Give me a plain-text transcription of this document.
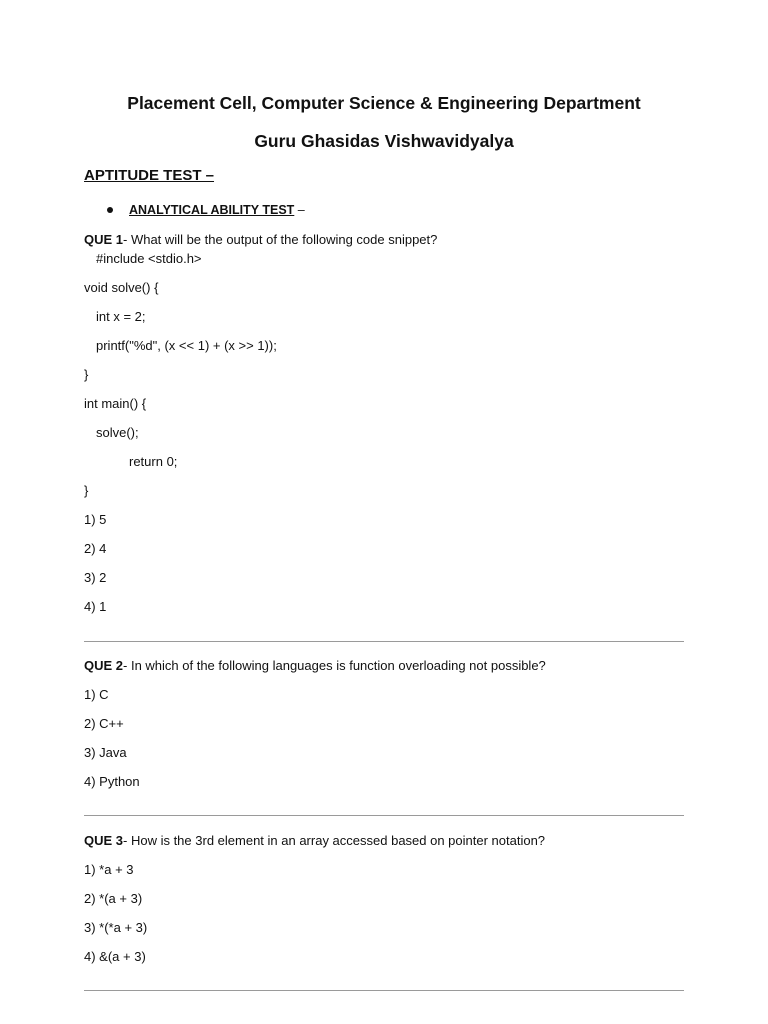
Placement Cell, Computer Science & Engineering Department
Guru Ghasidas Vishwavidyalya
APTITUDE TEST –
ANALYTICAL ABILITY TEST –
QUE 1- What will be the output of the following code snippet?
#include <stdio.h>
void solve() {
int x = 2;
printf("%d", (x << 1) + (x >> 1));
}
int main() {
solve();
return 0;
}
1) 5
2) 4
3) 2
4) 1
QUE 2- In which of the following languages is function overloading not possible?
1) C
2) C++
3) Java
4) Python
QUE 3- How is the 3rd element in an array accessed based on pointer notation?
1) *a + 3
2) *(a + 3)
3) *(*a + 3)
4) &(a + 3)
